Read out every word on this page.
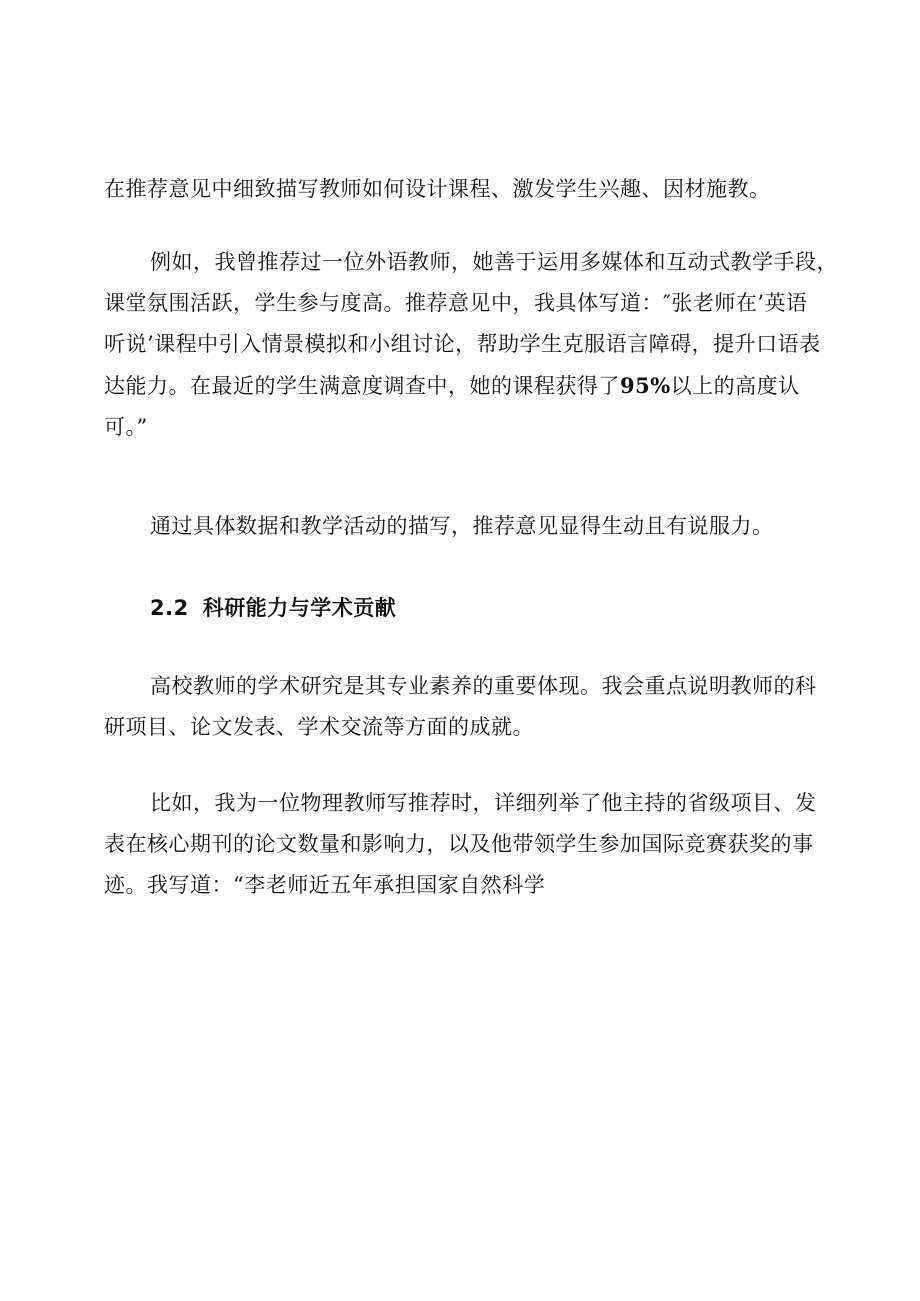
在推荐意见中细致描写教师如何设计课程、激发学生兴趣、因材施教。
例如，我曾推荐过一位外语教师，她善于运用多媒体和互动式教学手段，
课堂氛围活跃，学生参与度高。推荐意见中，我具体写道：″张老师在’英语
听说’课程中引入情景模拟和小组讨论，帮助学生克服语言障碍，提升口语表
达能力。在最近的学生满意度调查中，她的课程获得了95%以上的高度认
可。”
通过具体数据和教学活动的描写，推荐意见显得生动且有说服力。
2.2 科研能力与学术贡献
高校教师的学术研究是其专业素养的重要体现。我会重点说明教师的科
研项目、论文发表、学术交流等方面的成就。
比如，我为一位物理教师写推荐时，详细列举了他主持的省级项目、发
表在核心期刊的论文数量和影响力，以及他带领学生参加国际竞赛获奖的事
迹。我写道：“李老师近五年承担国家自然科学
